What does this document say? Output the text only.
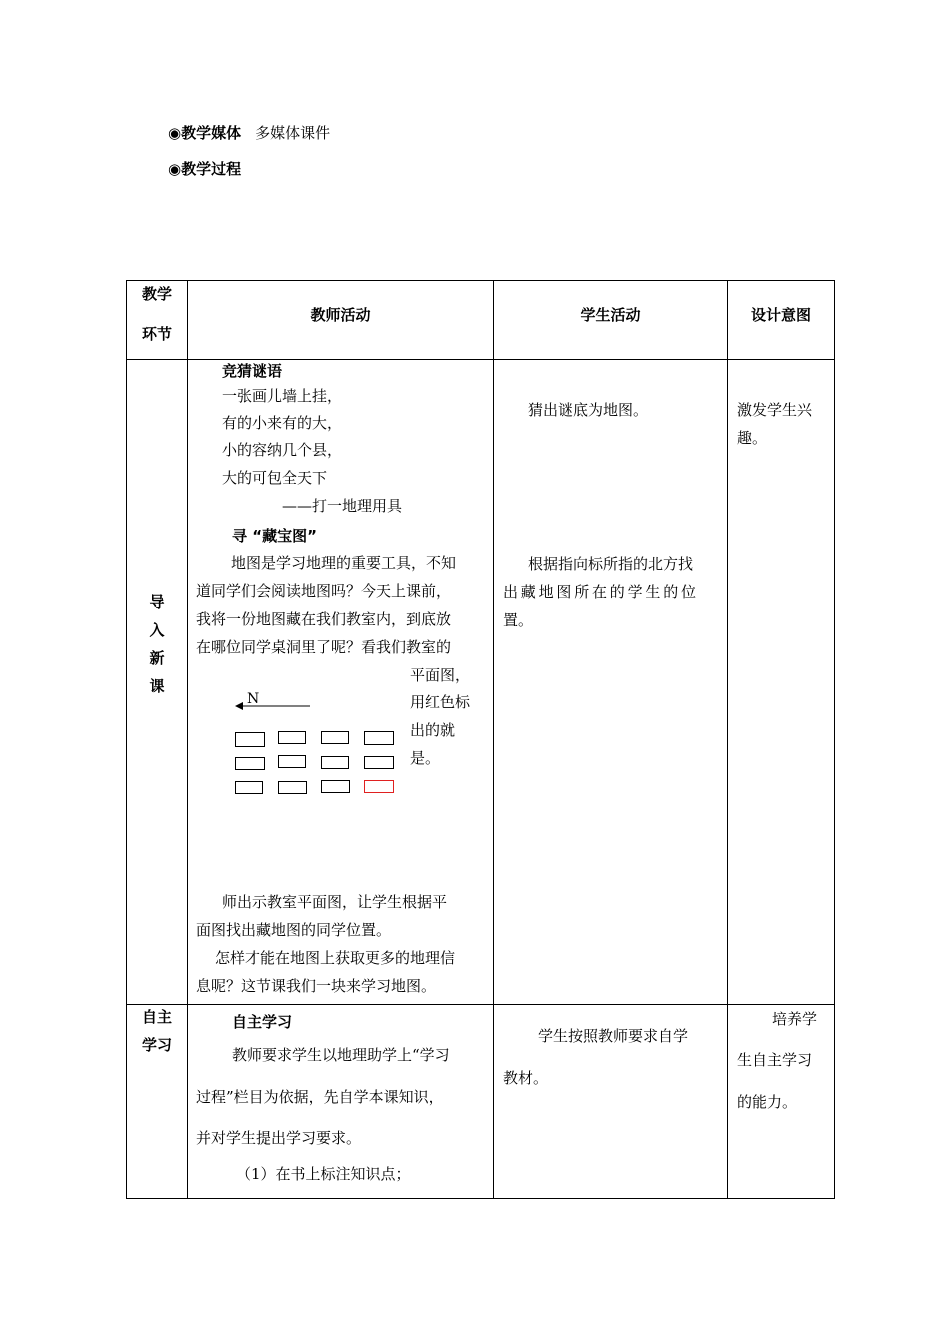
◉教学媒体 多媒体课件
◉教学过程
教学
环节
教师活动	学生活动	设计意图
导
入
新
课
竞猜谜语
一张画儿墙上挂，
有的小来有的大，
小的容纳几个县，
大的可包全天下
——打一地理用具
寻 “藏宝图”
地图是学习地理的重要工具，不知
道同学们会阅读地图吗？今天上课前，
我将一份地图藏在我们教室内，到底放
在哪位同学桌洞里了呢？看我们教室的
平面图，
用红色标
出的就
是。
N
师出示教室平面图，让学生根据平
面图找出藏地图的同学位置。
怎样才能在地图上获取更多的地理信
息呢？这节课我们一块来学习地图。
猜出谜底为地图。
根据指向标所指的北方找
出藏地图所在的学生的位
置。
激发学生兴
趣。
自主
学习
自主学习
教师要求学生以地理助学上“学习
过程”栏目为依据，先自学本课知识，
并对学生提出学习要求。
（1）在书上标注知识点；
学生按照教师要求自学
教材。
培养学
生自主学习
的能力。
